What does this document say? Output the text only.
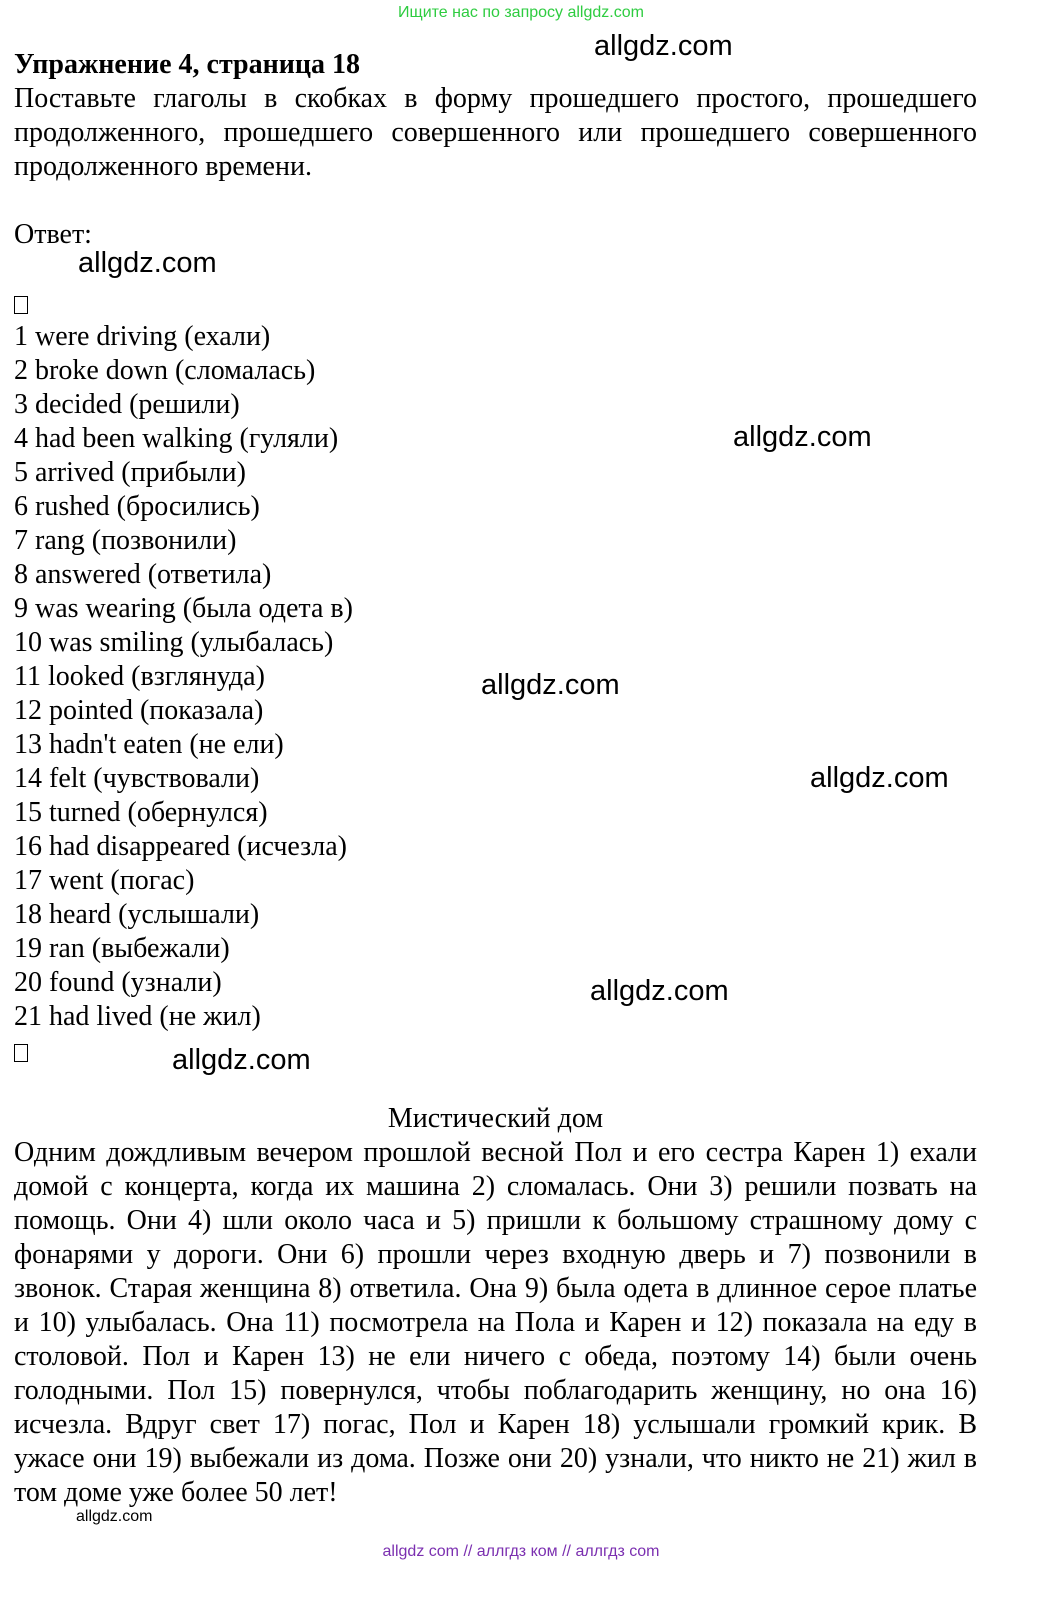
Ищите нас по запросу allgdz.com

Упражнение 4, страница 18

Поставьте глаголы в скобках в форму прошедшего простого, прошедшего продолженного, прошедшего совершенного или прошедшего совершенного продолженного времени.

Ответ:

1 were driving (ехали)
2 broke down (сломалась)
3 decided (решили)
4 had been walking (гуляли)
5 arrived (прибыли)
6 rushed (бросились)
7 rang (позвонили)
8 answered (ответила)
9 was wearing (была одета в)
10 was smiling (улыбалась)
11 looked (взглянуда)
12 pointed (показала)
13 hadn't eaten (не ели)
14 felt (чувствовали)
15 turned (обернулся)
16 had disappeared (исчезла)
17 went (погас)
18 heard (услышали)
19 ran (выбежали)
20 found (узнали)
21 had lived (не жил)

Мистический дом

Одним дождливым вечером прошлой весной Пол и его сестра Карен 1) ехали домой с концерта, когда их машина 2) сломалась. Они 3) решили позвать на помощь. Они 4) шли около часа и 5) пришли к большому страшному дому с фонарями у дороги. Они 6) прошли через входную дверь и 7) позвонили в звонок. Старая женщина 8) ответила. Она 9) была одета в длинное серое платье и 10) улыбалась. Она 11) посмотрела на Пола и Карен и 12) показала на еду в столовой. Пол и Карен 13) не ели ничего с обеда, поэтому 14) были очень голодными. Пол 15) повернулся, чтобы поблагодарить женщину, но она 16) исчезла. Вдруг свет 17) погас, Пол и Карен 18) услышали громкий крик. В ужасе они 19) выбежали из дома. Позже они 20) узнали, что никто не 21) жил в том доме уже более 50 лет!

allgdz.com
allgdz.com
allgdz.com
allgdz.com
allgdz.com
allgdz.com
allgdz.com
allgdz.com
allgdz com // аллгдз ком // аллгдз com
